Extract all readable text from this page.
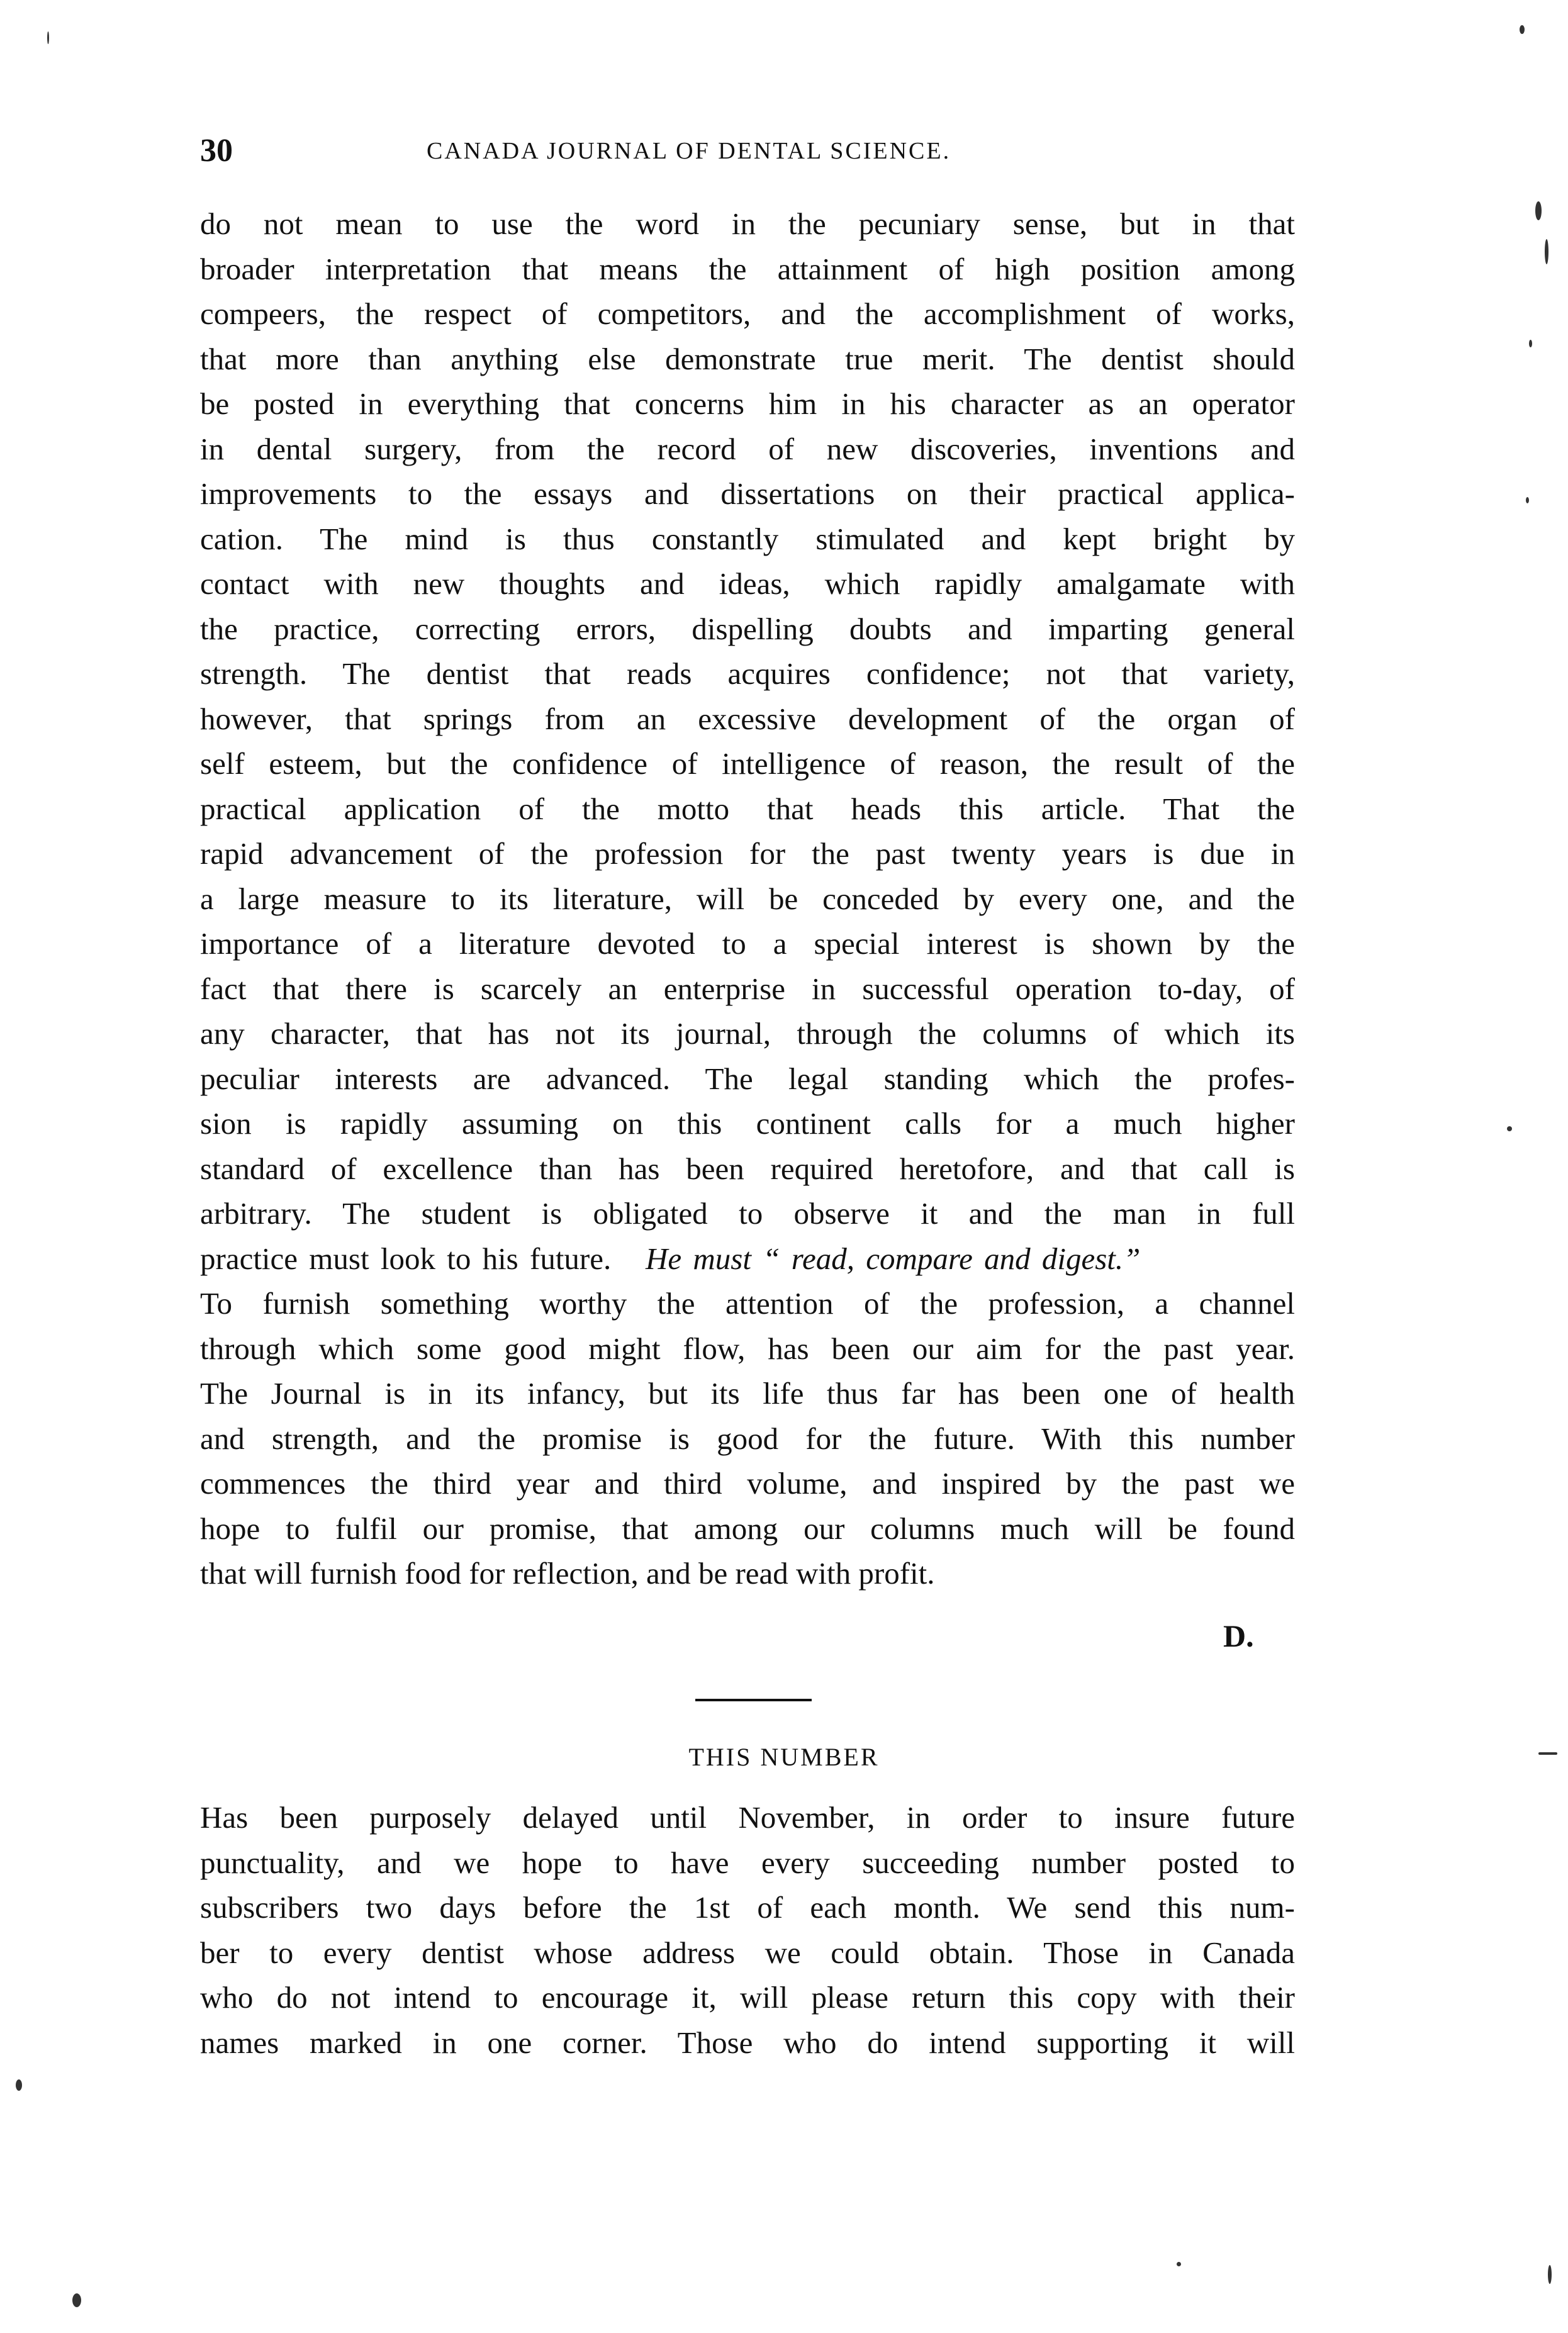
30	CANADA JOURNAL OF DENTAL SCIENCE.
do not mean to use the word in the pecuniary sense, but in that
broader interpretation that means the attainment of high position among
compeers, the respect of competitors, and the accomplishment of works,
that more than anything else demonstrate true merit. The dentist should
be posted in everything that concerns him in his character as an operator
in dental surgery, from the record of new discoveries, inventions and
improvements to the essays and dissertations on their practical applica-
cation. The mind is thus constantly stimulated and kept bright by
contact with new thoughts and ideas, which rapidly amalgamate with
the practice, correcting errors, dispelling doubts and imparting general
strength. The dentist that reads acquires confidence; not that variety,
however, that springs from an excessive development of the organ of
self esteem, but the confidence of intelligence of reason, the result of the
practical application of the motto that heads this article. That the
rapid advancement of the profession for the past twenty years is due in
a large measure to its literature, will be conceded by every one, and the
importance of a literature devoted to a special interest is shown by the
fact that there is scarcely an enterprise in successful operation to-day, of
any character, that has not its journal, through the columns of which its
peculiar interests are advanced. The legal standing which the profes-
sion is rapidly assuming on this continent calls for a much higher
standard of excellence than has been required heretofore, and that call is
arbitrary. The student is obligated to observe it and the man in full
practice must look to his future. He must “ read, compare and digest.”
To furnish something worthy the attention of the profession, a channel
through which some good might flow, has been our aim for the past year.
The Journal is in its infancy, but its life thus far has been one of health
and strength, and the promise is good for the future. With this number
commences the third year and third volume, and inspired by the past we
hope to fulfil our promise, that among our columns much will be found
that will furnish food for reflection, and be read with profit.
D.
THIS NUMBER
Has been purposely delayed until November, in order to insure future
punctuality, and we hope to have every succeeding number posted to
subscribers two days before the 1st of each month. We send this num-
ber to every dentist whose address we could obtain. Those in Canada
who do not intend to encourage it, will please return this copy with their
names marked in one corner. Those who do intend supporting it will
